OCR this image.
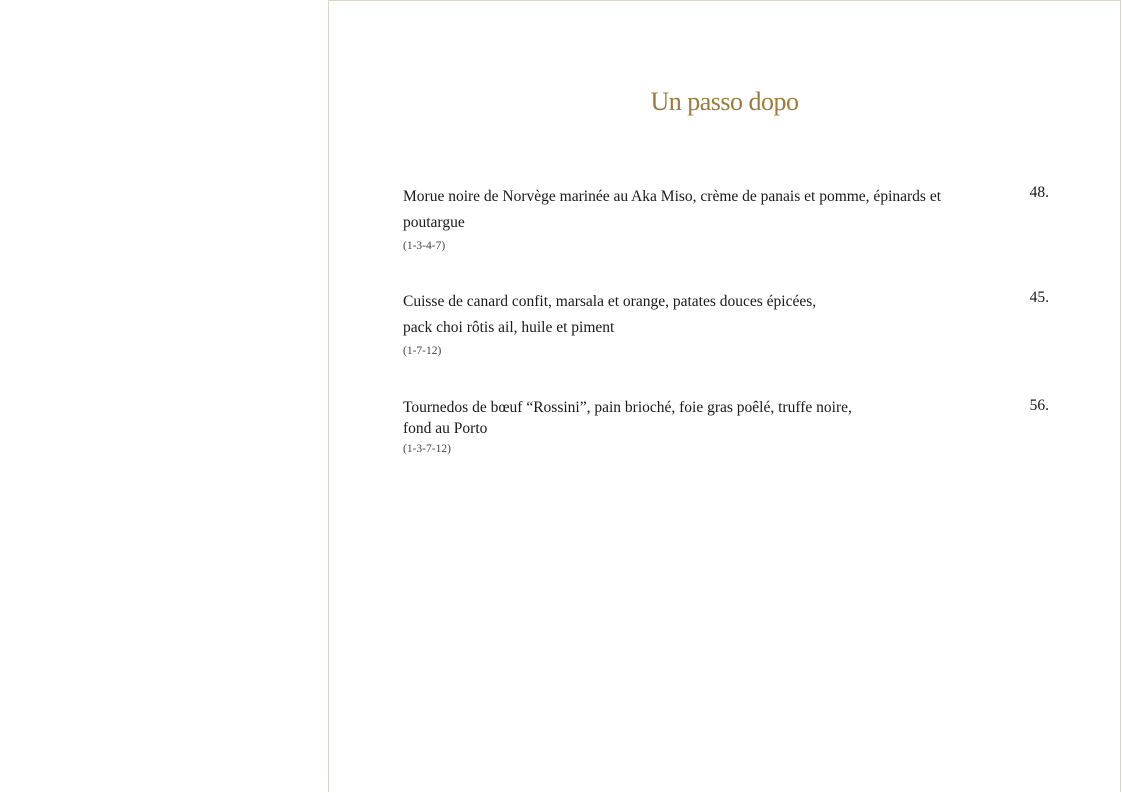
Un passo dopo
Morue noire de Norvège marinée au Aka Miso, crème de panais et pomme, épinards et
poutargue
(1-3-4-7)
48.
Cuisse de canard confit, marsala et orange, patates douces épicées,
pack choi rôtis ail, huile et piment
(1-7-12)
45.
Tournedos de bœuf “Rossini”, pain brioché, foie gras poêlé, truffe noire,
fond au Porto
(1-3-7-12)
56.
